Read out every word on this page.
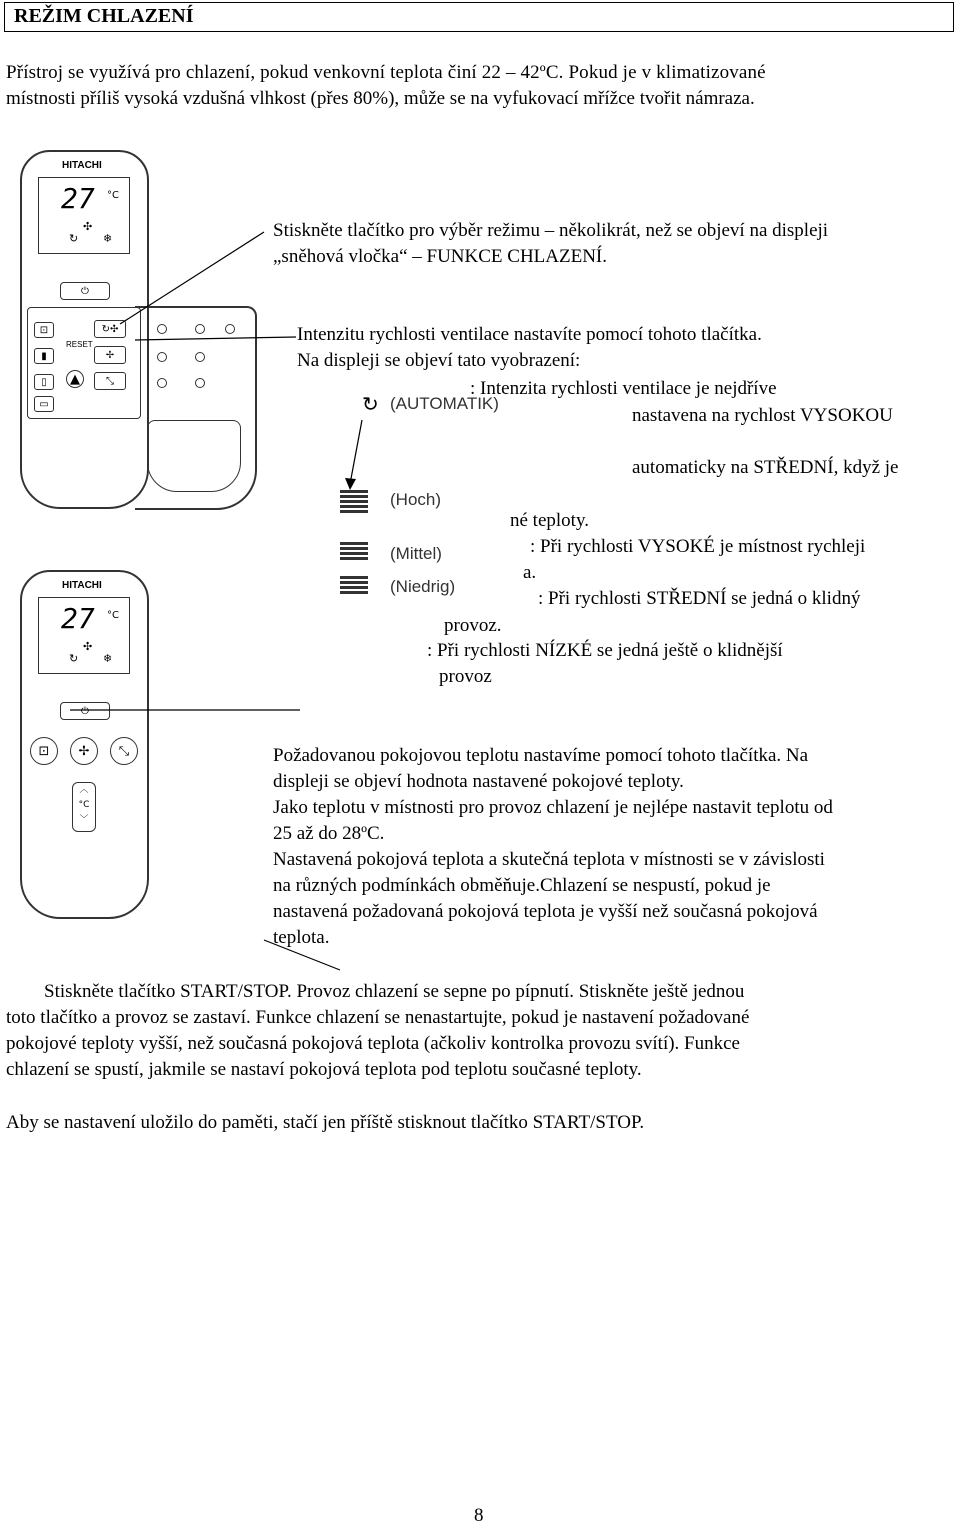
REŽIM CHLAZENÍ
Přístroj se využívá pro chlazení, pokud venkovní teplota činí 22 – 42ºC. Pokud je v klimatizované
místnosti příliš vysoká vzdušná vlhkost (přes 80%), může se na vyfukovací mřížce tvořit námraza.
HITACHI
27 °C
✣
↻ ❄
⏻
⊡
▮
▯
▭
RESET
↻✣
✢
⤡
▲
HITACHI
27 °C
✣
↻ ❄
⏻
⊡	✢	⤡
︿
°C
﹀
Stiskněte tlačítko pro výběr režimu – několikrát, než se objeví na displeji
„sněhová vločka“ – FUNKCE CHLAZENÍ.
Intenzitu rychlosti ventilace nastavíte pomocí tohoto tlačítka.
Na displeji se objeví tato vyobrazení:
↻ (AUTOMATIK)
: Intenzita rychlosti ventilace je nejdříve
nastavena na rychlost VYSOKOU
automaticky na STŘEDNÍ, když je
(Hoch)
né teploty.
(Mittel)	: Při rychlosti VYSOKÉ je místnost rychleji
a.
(Niedrig)
: Při rychlosti STŘEDNÍ se jedná o klidný
provoz.
: Při rychlosti NÍZKÉ se jedná ještě o klidnější
provoz
Požadovanou pokojovou teplotu nastavíme pomocí tohoto tlačítka. Na
displeji se objeví hodnota nastavené pokojové teploty.
Jako teplotu v místnosti pro provoz chlazení je nejlépe nastavit teplotu od
25 až do 28ºC.
Nastavená pokojová teplota a skutečná teplota v místnosti se v závislosti
na různých podmínkách obměňuje.Chlazení se nespustí, pokud je
nastavená požadovaná pokojová teplota je vyšší než současná pokojová
teplota.
Stiskněte tlačítko START/STOP. Provoz chlazení se sepne po pípnutí. Stiskněte ještě jednou
toto tlačítko a provoz se zastaví. Funkce chlazení se nenastartujte, pokud je nastavení požadované
pokojové teploty vyšší, než současná pokojová teplota (ačkoliv kontrolka provozu svítí). Funkce
chlazení se spustí, jakmile se nastaví pokojová teplota pod teplotu současné teploty.
Aby se nastavení uložilo do paměti, stačí jen příště stisknout tlačítko START/STOP.
8
